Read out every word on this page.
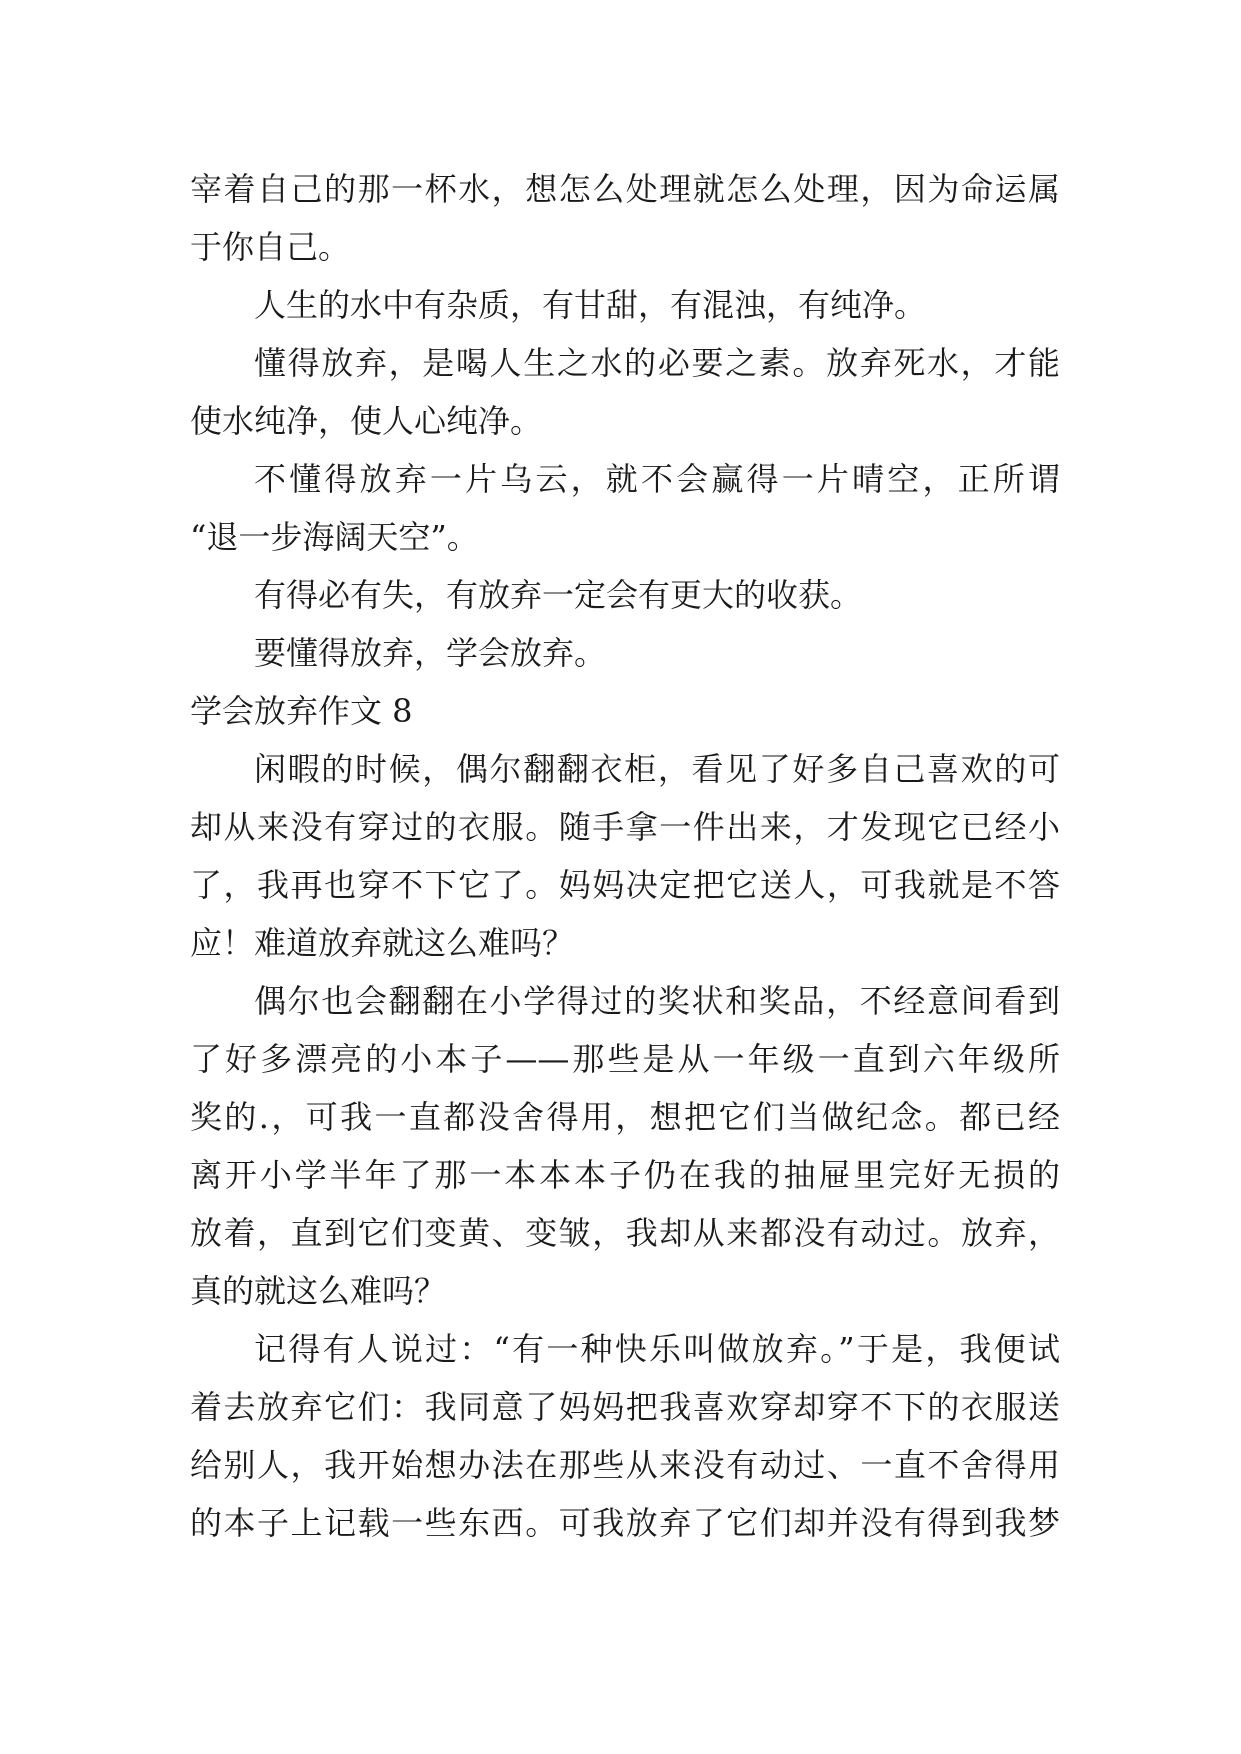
宰着自己的那一杯水，想怎么处理就怎么处理，因为命运属
于你自己。
人生的水中有杂质，有甘甜，有混浊，有纯净。
懂得放弃，是喝人生之水的必要之素。放弃死水，才能
使水纯净，使人心纯净。
不懂得放弃一片乌云，就不会赢得一片晴空，正所谓
“退一步海阔天空”。
有得必有失，有放弃一定会有更大的收获。
要懂得放弃，学会放弃。
学会放弃作文 8
闲暇的时候，偶尔翻翻衣柜，看见了好多自己喜欢的可
却从来没有穿过的衣服。随手拿一件出来，才发现它已经小
了，我再也穿不下它了。妈妈决定把它送人，可我就是不答
应！难道放弃就这么难吗？
偶尔也会翻翻在小学得过的奖状和奖品，不经意间看到
了好多漂亮的小本子——那些是从一年级一直到六年级所
奖的.，可我一直都没舍得用，想把它们当做纪念。都已经
离开小学半年了那一本本本子仍在我的抽屉里完好无损的
放着，直到它们变黄、变皱，我却从来都没有动过。放弃，
真的就这么难吗？
记得有人说过：“有一种快乐叫做放弃。”于是，我便试
着去放弃它们：我同意了妈妈把我喜欢穿却穿不下的衣服送
给别人，我开始想办法在那些从来没有动过、一直不舍得用
的本子上记载一些东西。可我放弃了它们却并没有得到我梦
